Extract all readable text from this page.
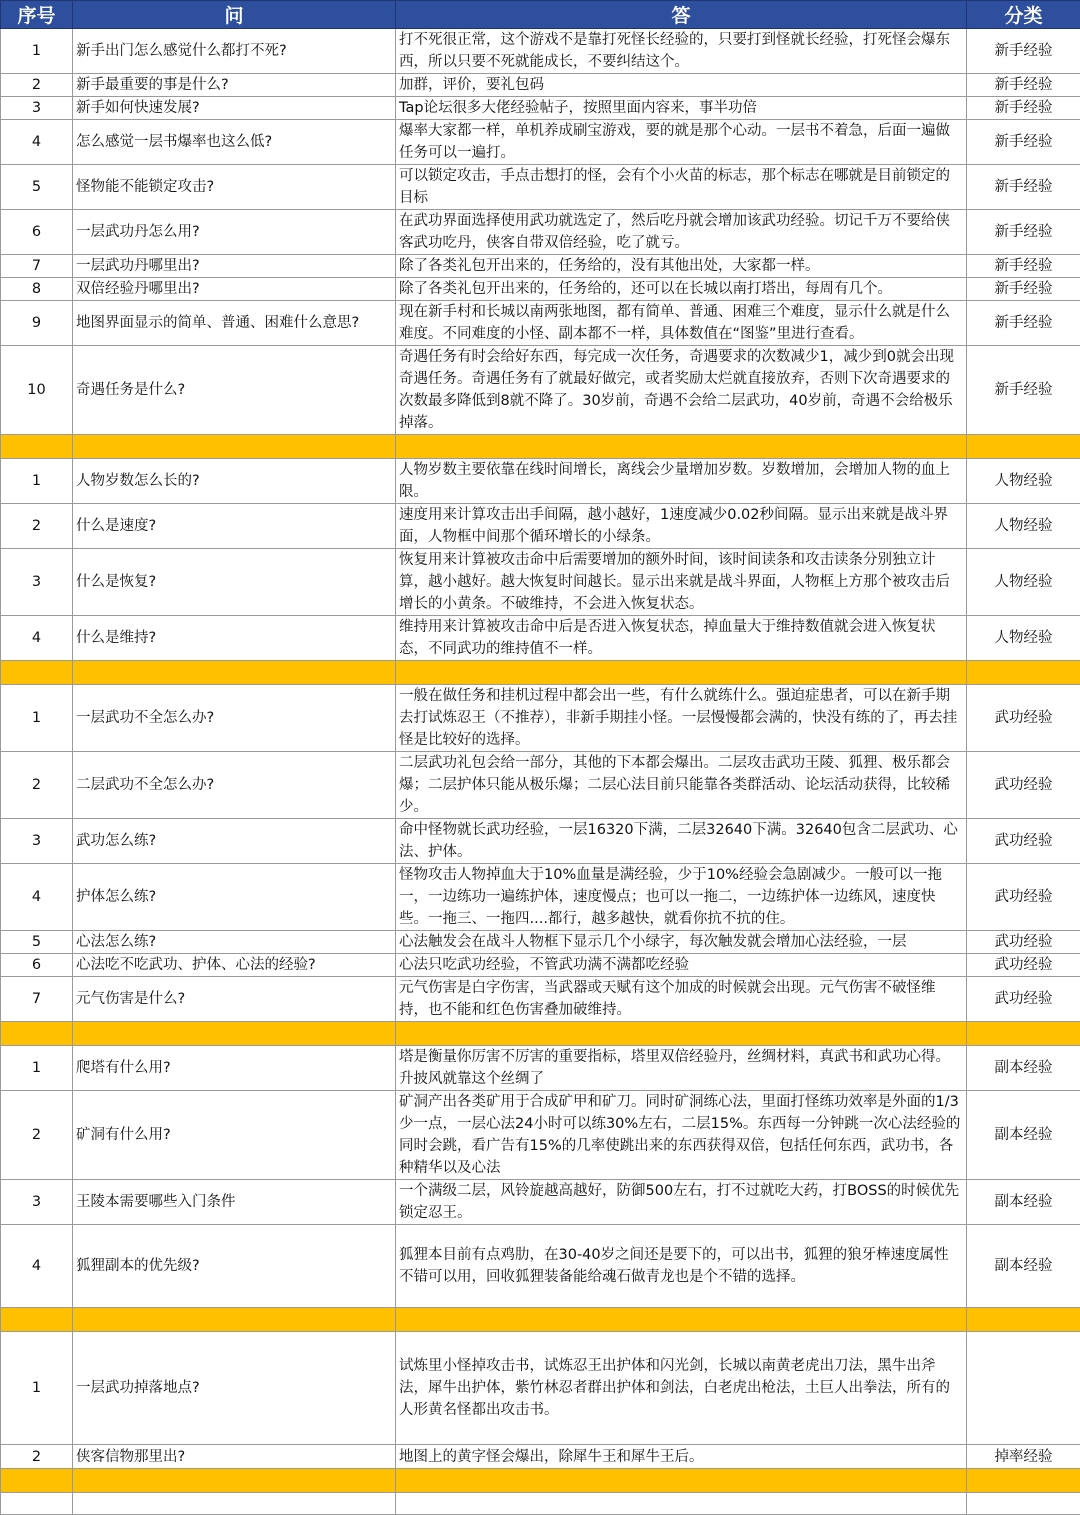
序号	问	答	分类
1	新手出门怎么感觉什么都打不死?	打不死很正常，这个游戏不是靠打死怪长经验的，只要打到怪就长经验，打死怪会爆东西，所以只要不死就能成长，不要纠结这个。	新手经验
2	新手最重要的事是什么?	加群，评价，要礼包码	新手经验
3	新手如何快速发展?	Tap论坛很多大佬经验帖子，按照里面内容来，事半功倍	新手经验
4	怎么感觉一层书爆率也这么低?	爆率大家都一样，单机养成刷宝游戏，要的就是那个心动。一层书不着急，后面一遍做任务可以一遍打。	新手经验
5	怪物能不能锁定攻击?	可以锁定攻击，手点击想打的怪，会有个小火苗的标志，那个标志在哪就是目前锁定的目标	新手经验
6	一层武功丹怎么用?	在武功界面选择使用武功就选定了，然后吃丹就会增加该武功经验。切记千万不要给侠客武功吃丹，侠客自带双倍经验，吃了就亏。	新手经验
7	一层武功丹哪里出?	除了各类礼包开出来的，任务给的，没有其他出处，大家都一样。	新手经验
8	双倍经验丹哪里出?	除了各类礼包开出来的，任务给的，还可以在长城以南打塔出，每周有几个。	新手经验
9	地图界面显示的简单、普通、困难什么意思?	现在新手村和长城以南两张地图，都有简单、普通、困难三个难度，显示什么就是什么难度。不同难度的小怪、副本都不一样，具体数值在“图鉴”里进行查看。	新手经验
10	奇遇任务是什么?	奇遇任务有时会给好东西，每完成一次任务，奇遇要求的次数减少1，减少到0就会出现奇遇任务。奇遇任务有了就最好做完，或者奖励太烂就直接放弃，否则下次奇遇要求的次数最多降低到8就不降了。30岁前，奇遇不会给二层武功，40岁前，奇遇不会给极乐掉落。	新手经验

1	人物岁数怎么长的?	人物岁数主要依靠在线时间增长，离线会少量增加岁数。岁数增加，会增加人物的血上限。	人物经验
2	什么是速度?	速度用来计算攻击出手间隔，越小越好，1速度减少0.02秒间隔。显示出来就是战斗界面，人物框中间那个循环增长的小绿条。	人物经验
3	什么是恢复?	恢复用来计算被攻击命中后需要增加的额外时间，该时间读条和攻击读条分别独立计算，越小越好。越大恢复时间越长。显示出来就是战斗界面，人物框上方那个被攻击后增长的小黄条。不破维持，不会进入恢复状态。	人物经验
4	什么是维持?	维持用来计算被攻击命中后是否进入恢复状态，掉血量大于维持数值就会进入恢复状态，不同武功的维持值不一样。	人物经验

1	一层武功不全怎么办?	一般在做任务和挂机过程中都会出一些，有什么就练什么。强迫症患者，可以在新手期去打试炼忍王（不推荐），非新手期挂小怪。一层慢慢都会满的，快没有练的了，再去挂怪是比较好的选择。	武功经验
2	二层武功不全怎么办?	二层武功礼包会给一部分，其他的下本都会爆出。二层攻击武功王陵、狐狸、极乐都会爆；二层护体只能从极乐爆；二层心法目前只能靠各类群活动、论坛活动获得，比较稀少。	武功经验
3	武功怎么练?	命中怪物就长武功经验，一层16320下满，二层32640下满。32640包含二层武功、心法、护体。	武功经验
4	护体怎么练?	怪物攻击人物掉血大于10%血量是满经验，少于10%经验会急剧减少。一般可以一拖一，一边练功一遍练护体，速度慢点；也可以一拖二，一边练护体一边练风，速度快些。一拖三、一拖四....都行，越多越快，就看你抗不抗的住。	武功经验
5	心法怎么练?	心法触发会在战斗人物框下显示几个小绿字，每次触发就会增加心法经验，一层	武功经验
6	心法吃不吃武功、护体、心法的经验?	心法只吃武功经验，不管武功满不满都吃经验	武功经验
7	元气伤害是什么?	元气伤害是白字伤害，当武器或天赋有这个加成的时候就会出现。元气伤害不破怪维持，也不能和红色伤害叠加破维持。	武功经验

1	爬塔有什么用?	塔是衡量你厉害不厉害的重要指标，塔里双倍经验丹，丝绸材料，真武书和武功心得。升披风就靠这个丝绸了	副本经验
2	矿洞有什么用?	矿洞产出各类矿用于合成矿甲和矿刀。同时矿洞练心法，里面打怪练功效率是外面的1/3少一点，一层心法24小时可以练30%左右，二层15%。东西每一分钟跳一次心法经验的同时会跳，看广告有15%的几率使跳出来的东西获得双倍，包括任何东西，武功书，各种精华以及心法	副本经验
3	王陵本需要哪些入门条件	一个满级二层，风铃旋越高越好，防御500左右，打不过就吃大药，打BOSS的时候优先锁定忍王。	副本经验
4	狐狸副本的优先级?	狐狸本目前有点鸡肋，在30-40岁之间还是要下的，可以出书，狐狸的狼牙棒速度属性不错可以用，回收狐狸装备能给魂石做青龙也是个不错的选择。	副本经验

1	一层武功掉落地点?	试炼里小怪掉攻击书，试炼忍王出护体和闪光剑，长城以南黄老虎出刀法，黑牛出斧法，犀牛出护体，紫竹林忍者群出护体和剑法，白老虎出枪法，土巨人出拳法，所有的人形黄名怪都出攻击书。	
2	侠客信物那里出?	地图上的黄字怪会爆出，除犀牛王和犀牛王后。	掉率经验
